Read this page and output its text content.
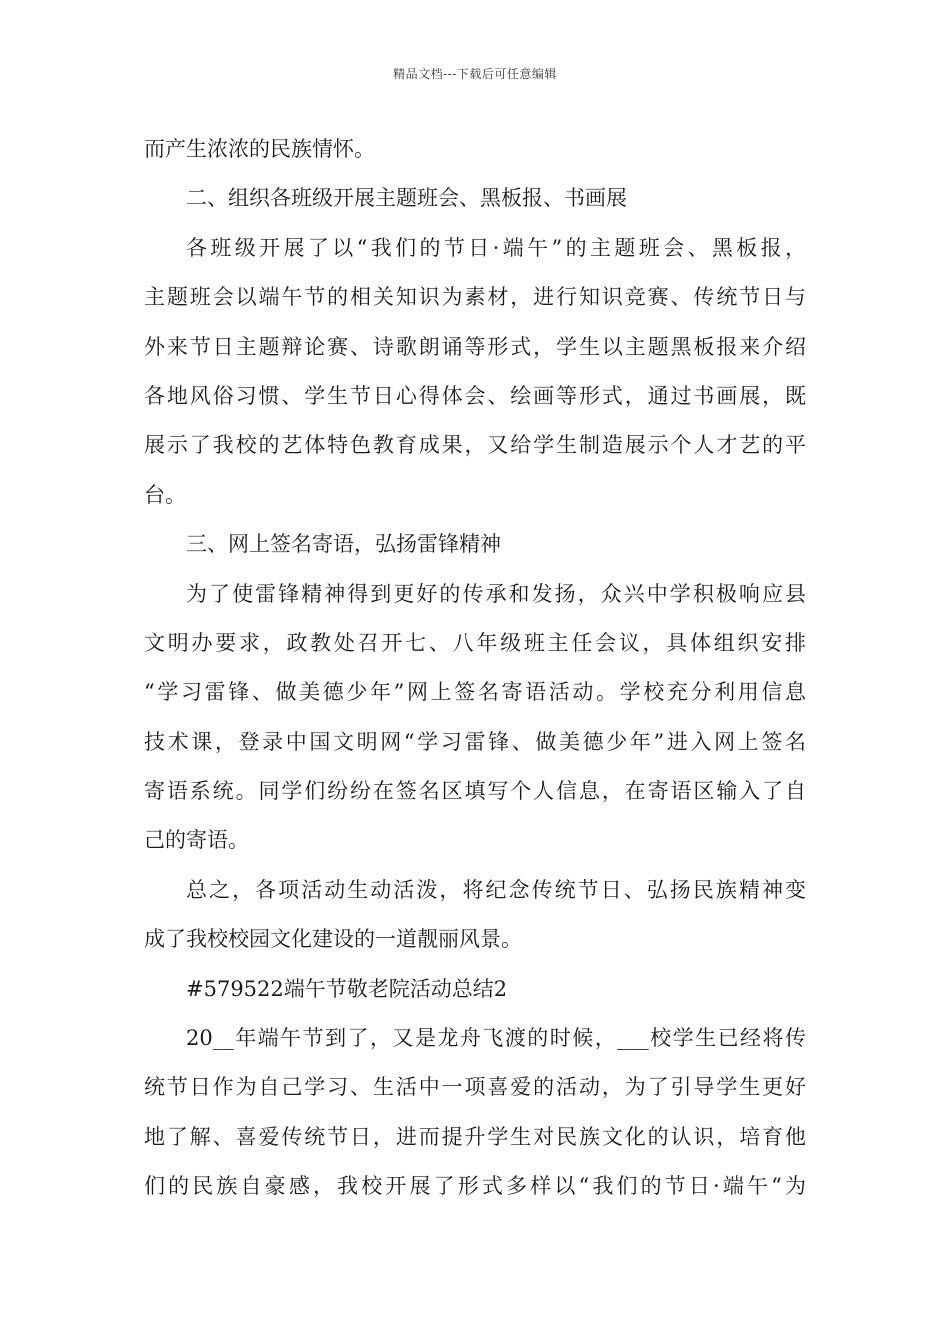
精品文档---下载后可任意编辑
而产生浓浓的民族情怀。
二、组织各班级开展主题班会、黑板报、书画展
各班级开展了以“我们的节日·端午”的主题班会、黑板报，
主题班会以端午节的相关知识为素材，进行知识竞赛、传统节日与
外来节日主题辩论赛、诗歌朗诵等形式，学生以主题黑板报来介绍
各地风俗习惯、学生节日心得体会、绘画等形式，通过书画展，既
展示了我校的艺体特色教育成果，又给学生制造展示个人才艺的平
台。
三、网上签名寄语，弘扬雷锋精神
为了使雷锋精神得到更好的传承和发扬，众兴中学积极响应县
文明办要求，政教处召开七、八年级班主任会议，具体组织安排
“学习雷锋、做美德少年”网上签名寄语活动。学校充分利用信息
技术课，登录中国文明网“学习雷锋、做美德少年”进入网上签名
寄语系统。同学们纷纷在签名区填写个人信息，在寄语区输入了自
己的寄语。
总之，各项活动生动活泼，将纪念传统节日、弘扬民族精神变
成了我校校园文化建设的一道靓丽风景。
#579522端午节敬老院活动总结2
20__年端午节到了，又是龙舟飞渡的时候，___校学生已经将传
统节日作为自己学习、生活中一项喜爱的活动，为了引导学生更好
地了解、喜爱传统节日，进而提升学生对民族文化的认识，培育他
们的民族自豪感，我校开展了形式多样以“我们的节日·端午“为
